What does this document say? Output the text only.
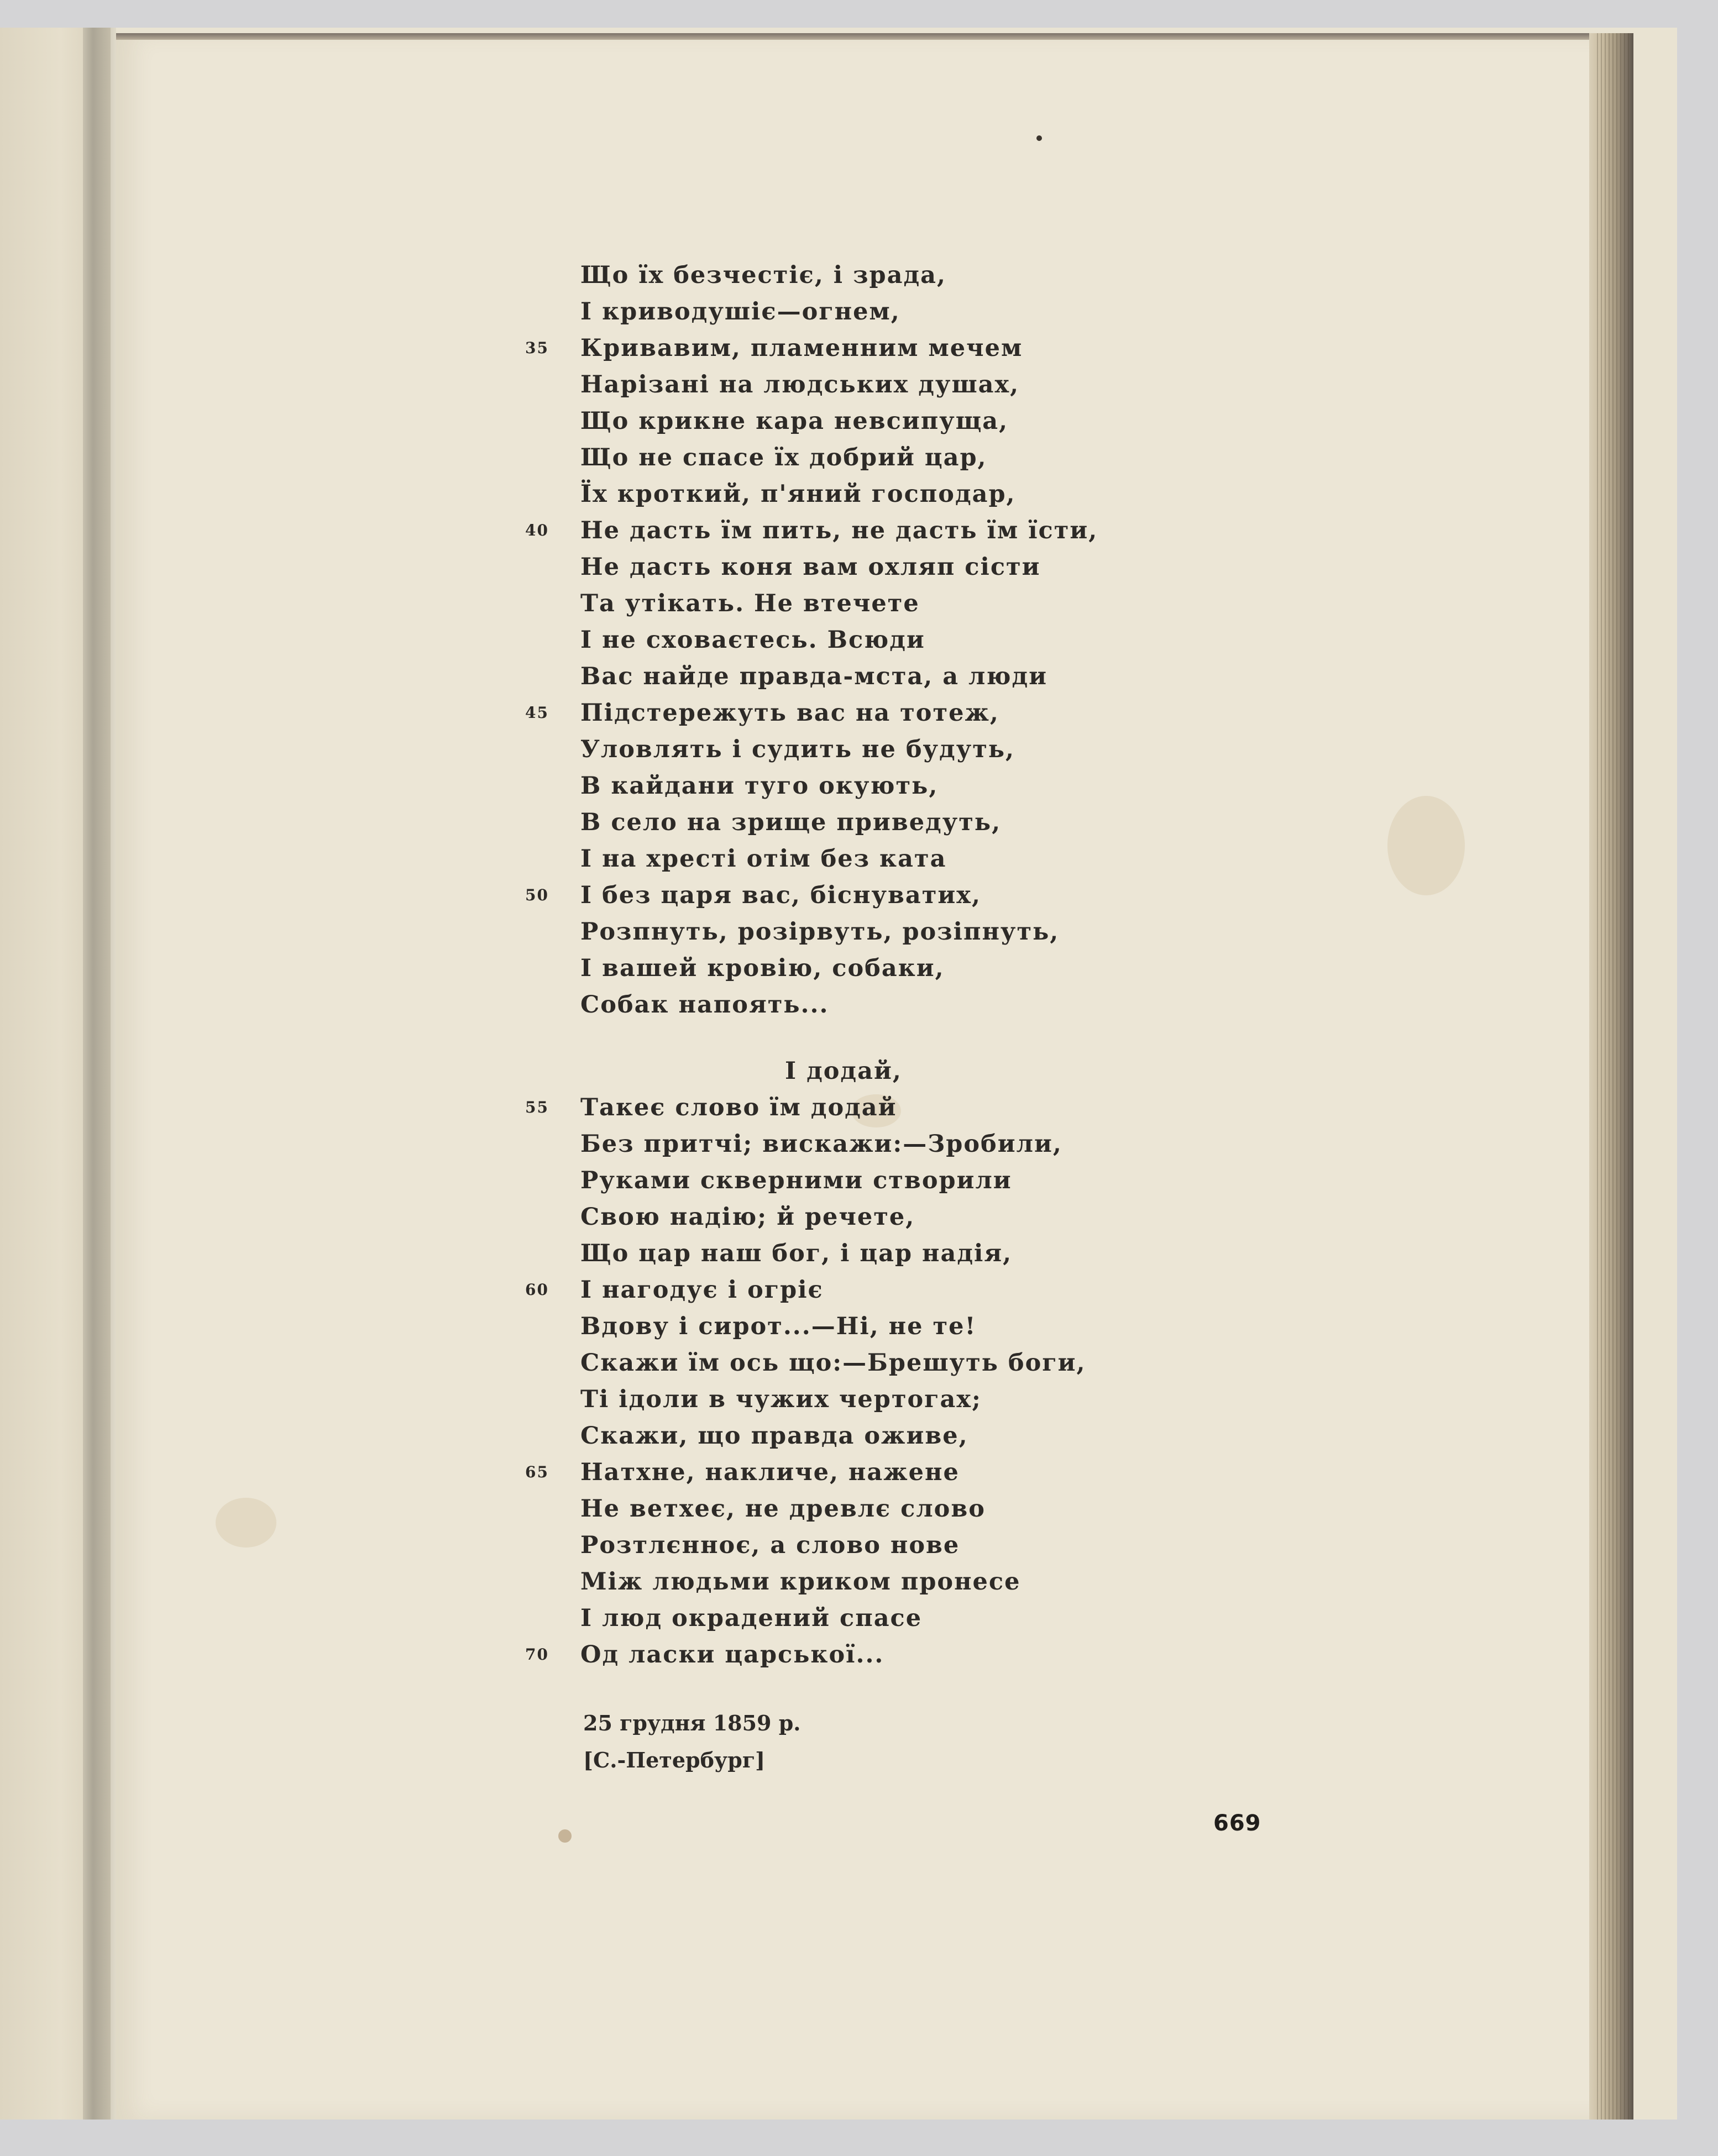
Що їх безчестіє, і зрада,
І криводушіє—огнем,
35	Кривавим, пламенним мечем
Нарізані на людських душах,
Що крикне кара невсипуща,
Що не спасе їх добрий цар,
Їх кроткий, п'яний господар,
40	Не дасть їм пить, не дасть їм їсти,
Не дасть коня вам охляп сісти
Та утікать. Не втечете
І не сховаєтесь. Всюди
Вас найде правда-мста, а люди
45	Підстережуть вас на тотеж,
Уловлять і судить не будуть,
В кайдани туго окують,
В село на зрище приведуть,
І на хресті отім без ката
50	І без царя вас, біснуватих,
Розпнуть, розірвуть, розіпнуть,
І вашей кровію, собаки,
Собак напоять...
І додай,
55	Такеє слово їм додай
Без притчі; вискажи:—Зробили,
Руками скверними створили
Свою надію; й речете,
Що цар наш бог, і цар надія,
60	І нагодує і огріє
Вдову і сирот...—Ні, не те!
Скажи їм ось що:—Брешуть боги,
Ті ідоли в чужих чертогах;
Скажи, що правда оживе,
65	Натхне, накличе, нажене
Не ветхеє, не древлє слово
Розтлєнноє, а слово нове
Між людьми криком пронесе
І люд окрадений спасе
70	Од ласки царської...
25 грудня 1859 р.
[С.-Петербург]
669
